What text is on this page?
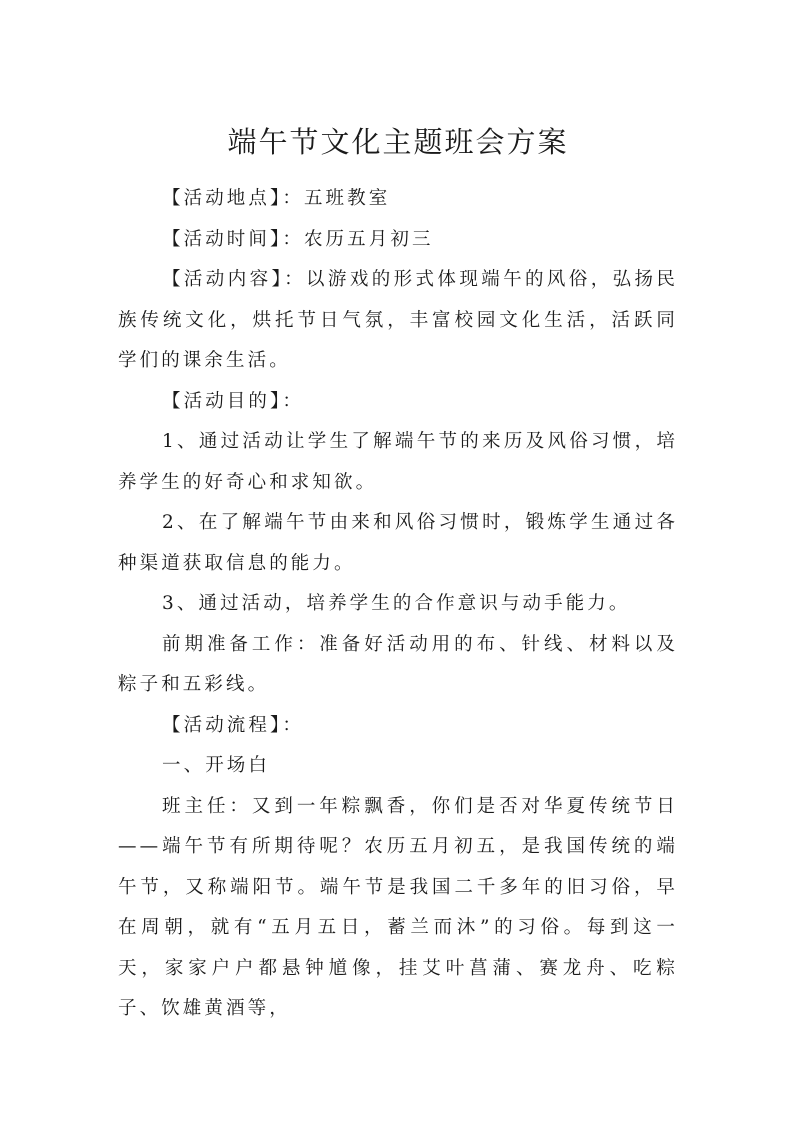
端午节文化主题班会方案

【活动地点】：五班教室

【活动时间】：农历五月初三

【活动内容】：以游戏的形式体现端午的风俗，弘扬民族传统文化，烘托节日气氛，丰富校园文化生活，活跃同学们的课余生活。

【活动目的】：

1、通过活动让学生了解端午节的来历及风俗习惯，培养学生的好奇心和求知欲。

2、在了解端午节由来和风俗习惯时，锻炼学生通过各种渠道获取信息的能力。

3、通过活动，培养学生的合作意识与动手能力。

前期准备工作：准备好活动用的布、针线、材料以及粽子和五彩线。

【活动流程】：

一、开场白

班主任：又到一年粽飘香，你们是否对华夏传统节日——端午节有所期待呢？农历五月初五，是我国传统的端午节，又称端阳节。端午节是我国二千多年的旧习俗，早在周朝，就有“五月五日，蓄兰而沐”的习俗。每到这一天，家家户户都悬钟馗像，挂艾叶菖蒲、赛龙舟、吃粽子、饮雄黄酒等，
